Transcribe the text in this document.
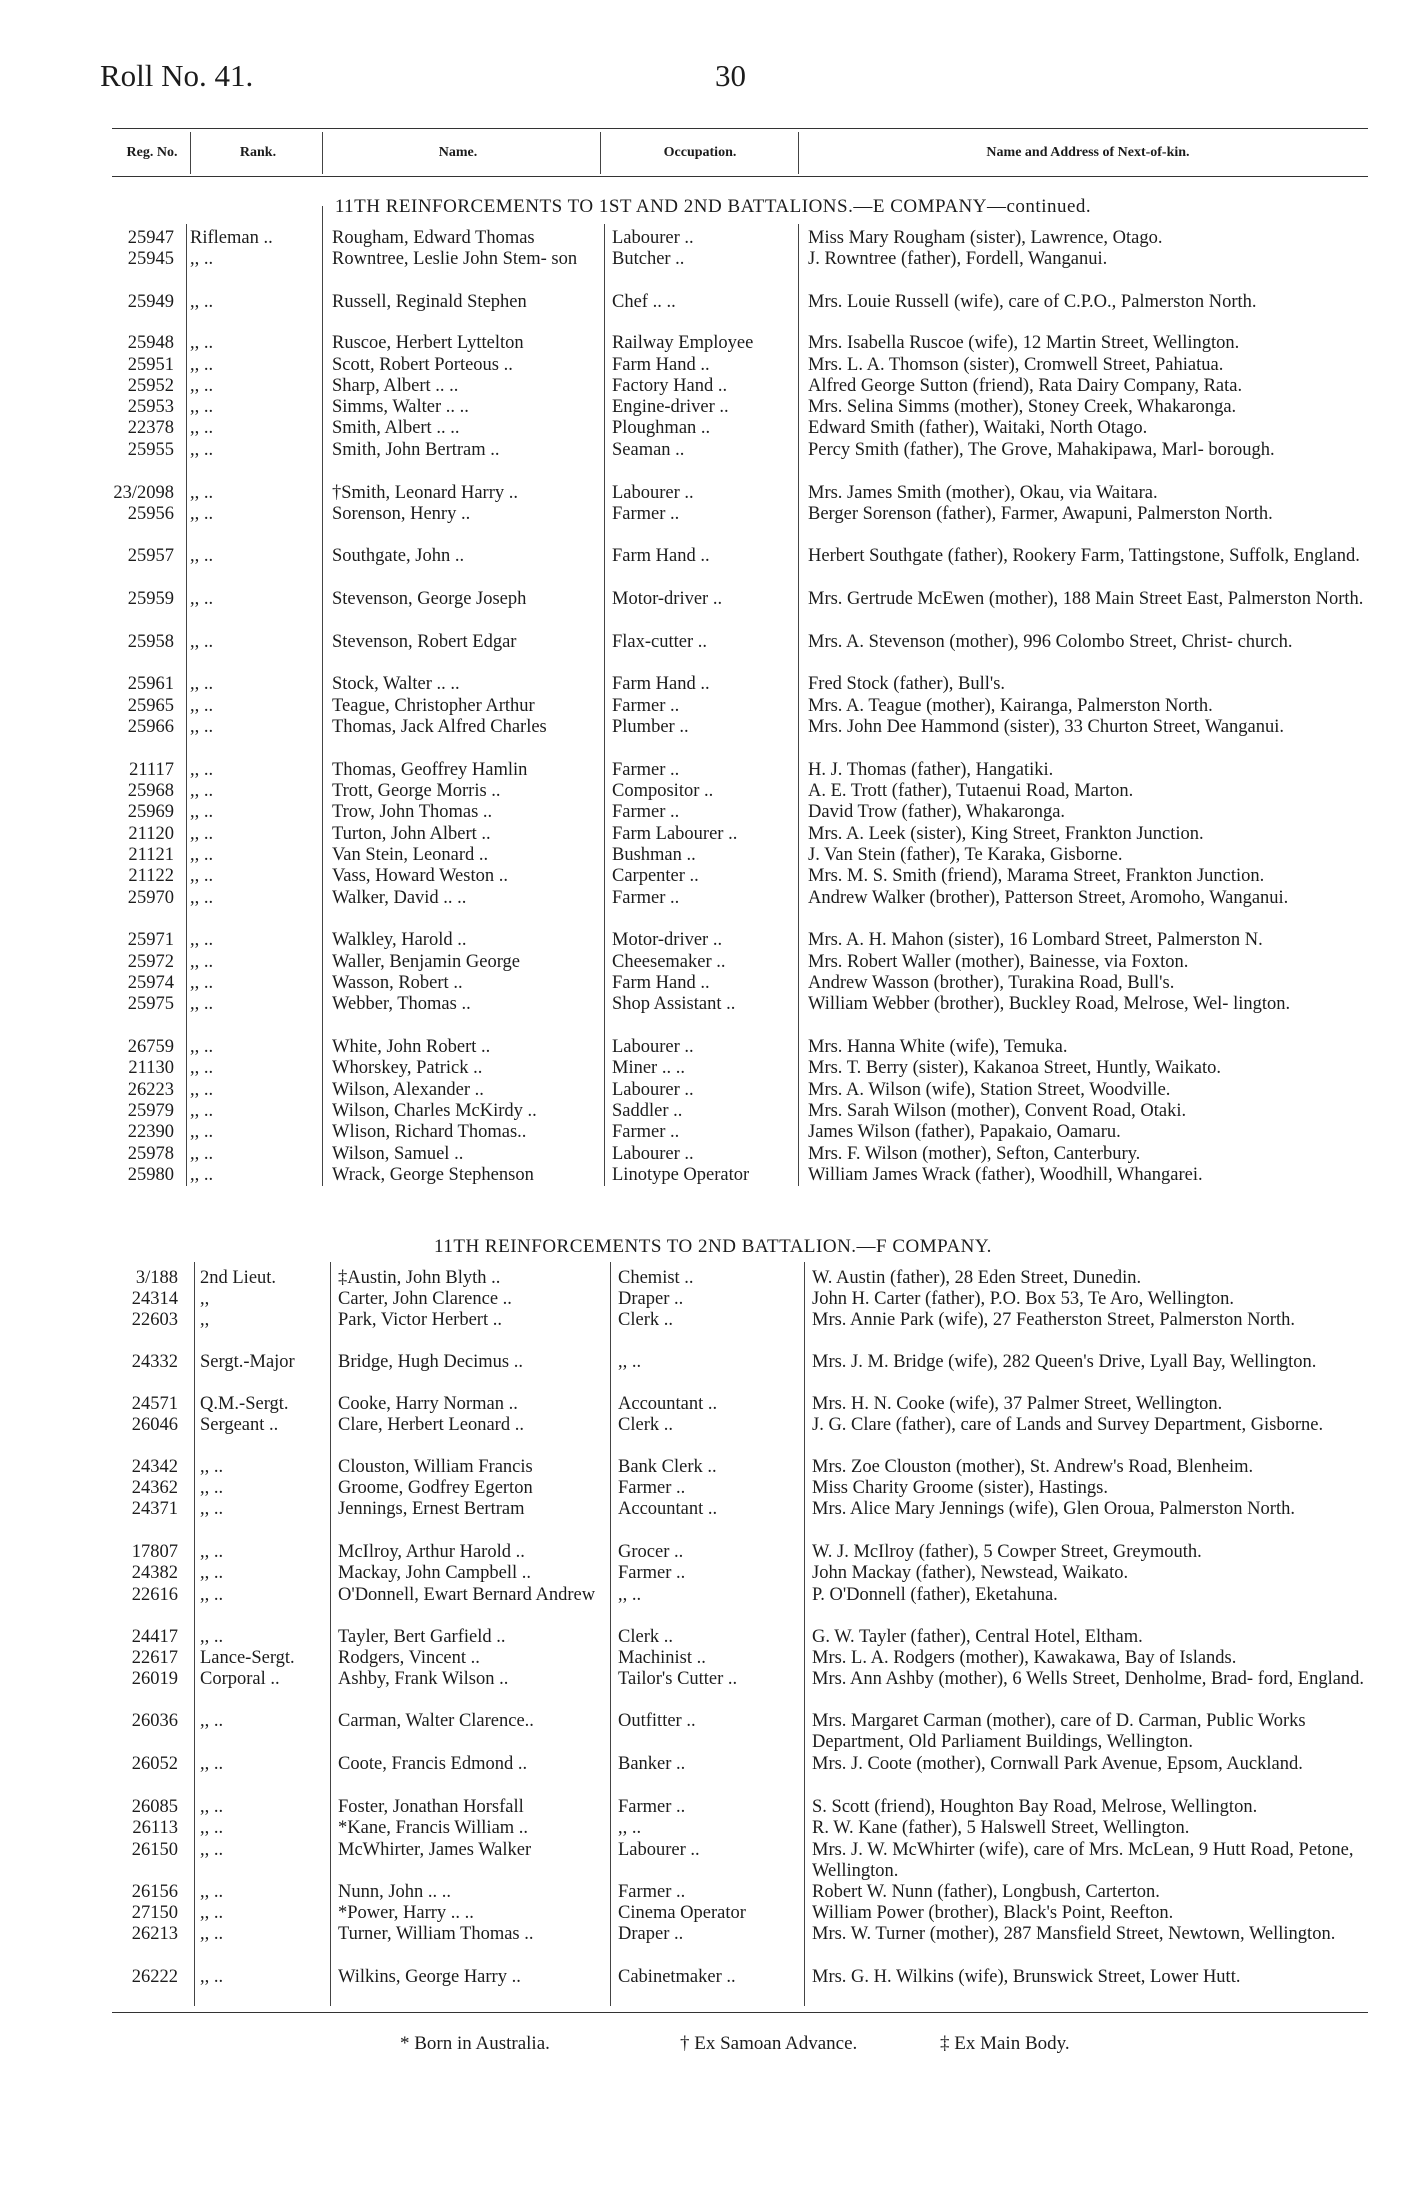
Roll No. 41.	30
Reg. No.	Rank.	Name.	Occupation.	Name and Address of Next-of-kin.
11TH REINFORCEMENTS TO 1ST AND 2ND BATTALIONS.—E COMPANY—continued.
25947 Rifleman ..	Rougham, Edward Thomas	Labourer ..	Miss Mary Rougham (sister), Lawrence, Otago.
25945 ,, ..	Rowntree, Leslie John Stem- son	Butcher ..	J. Rowntree (father), Fordell, Wanganui.
25949 ,, ..	Russell, Reginald Stephen	Chef .. ..	Mrs. Louie Russell (wife), care of C.P.O., Palmerston North.
25948 ,, ..	Ruscoe, Herbert Lyttelton	Railway Employee	Mrs. Isabella Ruscoe (wife), 12 Martin Street, Wellington.
25951 ,, ..	Scott, Robert Porteous ..	Farm Hand ..	Mrs. L. A. Thomson (sister), Cromwell Street, Pahiatua.
25952 ,, ..	Sharp, Albert .. ..	Factory Hand ..	Alfred George Sutton (friend), Rata Dairy Company, Rata.
25953 ,, ..	Simms, Walter .. ..	Engine-driver ..	Mrs. Selina Simms (mother), Stoney Creek, Whakaronga.
22378 ,, ..	Smith, Albert .. ..	Ploughman ..	Edward Smith (father), Waitaki, North Otago.
25955 ,, ..	Smith, John Bertram ..	Seaman ..	Percy Smith (father), The Grove, Mahakipawa, Marl- borough.
23/2098 ,, ..	†Smith, Leonard Harry ..	Labourer ..	Mrs. James Smith (mother), Okau, via Waitara.
25956 ,, ..	Sorenson, Henry ..	Farmer ..	Berger Sorenson (father), Farmer, Awapuni, Palmerston North.
25957 ,, ..	Southgate, John ..	Farm Hand ..	Herbert Southgate (father), Rookery Farm, Tattingstone, Suffolk, England.
25959 ,, ..	Stevenson, George Joseph	Motor-driver ..	Mrs. Gertrude McEwen (mother), 188 Main Street East, Palmerston North.
25958 ,, ..	Stevenson, Robert Edgar	Flax-cutter ..	Mrs. A. Stevenson (mother), 996 Colombo Street, Christ- church.
25961 ,, ..	Stock, Walter .. ..	Farm Hand ..	Fred Stock (father), Bull's.
25965 ,, ..	Teague, Christopher Arthur	Farmer ..	Mrs. A. Teague (mother), Kairanga, Palmerston North.
25966 ,, ..	Thomas, Jack Alfred Charles	Plumber ..	Mrs. John Dee Hammond (sister), 33 Churton Street, Wanganui.
21117 ,, ..	Thomas, Geoffrey Hamlin	Farmer ..	H. J. Thomas (father), Hangatiki.
25968 ,, ..	Trott, George Morris ..	Compositor ..	A. E. Trott (father), Tutaenui Road, Marton.
25969 ,, ..	Trow, John Thomas ..	Farmer ..	David Trow (father), Whakaronga.
21120 ,, ..	Turton, John Albert ..	Farm Labourer ..	Mrs. A. Leek (sister), King Street, Frankton Junction.
21121 ,, ..	Van Stein, Leonard ..	Bushman ..	J. Van Stein (father), Te Karaka, Gisborne.
21122 ,, ..	Vass, Howard Weston ..	Carpenter ..	Mrs. M. S. Smith (friend), Marama Street, Frankton Junction.
25970 ,, ..	Walker, David .. ..	Farmer ..	Andrew Walker (brother), Patterson Street, Aromoho, Wanganui.
25971 ,, ..	Walkley, Harold ..	Motor-driver ..	Mrs. A. H. Mahon (sister), 16 Lombard Street, Palmerston N.
25972 ,, ..	Waller, Benjamin George	Cheesemaker ..	Mrs. Robert Waller (mother), Bainesse, via Foxton.
25974 ,, ..	Wasson, Robert ..	Farm Hand ..	Andrew Wasson (brother), Turakina Road, Bull's.
25975 ,, ..	Webber, Thomas ..	Shop Assistant ..	William Webber (brother), Buckley Road, Melrose, Wel- lington.
26759 ,, ..	White, John Robert ..	Labourer ..	Mrs. Hanna White (wife), Temuka.
21130 ,, ..	Whorskey, Patrick ..	Miner .. ..	Mrs. T. Berry (sister), Kakanoa Street, Huntly, Waikato.
26223 ,, ..	Wilson, Alexander ..	Labourer ..	Mrs. A. Wilson (wife), Station Street, Woodville.
25979 ,, ..	Wilson, Charles McKirdy ..	Saddler ..	Mrs. Sarah Wilson (mother), Convent Road, Otaki.
22390 ,, ..	Wlison, Richard Thomas..	Farmer ..	James Wilson (father), Papakaio, Oamaru.
25978 ,, ..	Wilson, Samuel ..	Labourer ..	Mrs. F. Wilson (mother), Sefton, Canterbury.
25980 ,, ..	Wrack, George Stephenson	Linotype Operator	William James Wrack (father), Woodhill, Whangarei.
11TH REINFORCEMENTS TO 2ND BATTALION.—F COMPANY.
3/188 2nd Lieut.	‡Austin, John Blyth ..	Chemist ..	W. Austin (father), 28 Eden Street, Dunedin.
24314 ,,	Carter, John Clarence ..	Draper ..	John H. Carter (father), P.O. Box 53, Te Aro, Wellington.
22603 ,,	Park, Victor Herbert ..	Clerk ..	Mrs. Annie Park (wife), 27 Featherston Street, Palmerston North.
24332 Sergt.-Major	Bridge, Hugh Decimus ..	,, ..	Mrs. J. M. Bridge (wife), 282 Queen's Drive, Lyall Bay, Wellington.
24571 Q.M.-Sergt.	Cooke, Harry Norman ..	Accountant ..	Mrs. H. N. Cooke (wife), 37 Palmer Street, Wellington.
26046 Sergeant ..	Clare, Herbert Leonard ..	Clerk ..	J. G. Clare (father), care of Lands and Survey Department, Gisborne.
24342 ,, ..	Clouston, William Francis	Bank Clerk ..	Mrs. Zoe Clouston (mother), St. Andrew's Road, Blenheim.
24362 ,, ..	Groome, Godfrey Egerton	Farmer ..	Miss Charity Groome (sister), Hastings.
24371 ,, ..	Jennings, Ernest Bertram	Accountant ..	Mrs. Alice Mary Jennings (wife), Glen Oroua, Palmerston North.
17807 ,, ..	McIlroy, Arthur Harold ..	Grocer ..	W. J. McIlroy (father), 5 Cowper Street, Greymouth.
24382 ,, ..	Mackay, John Campbell ..	Farmer ..	John Mackay (father), Newstead, Waikato.
22616 ,, ..	O'Donnell, Ewart Bernard Andrew	,, ..	P. O'Donnell (father), Eketahuna.
24417 ,, ..	Tayler, Bert Garfield ..	Clerk ..	G. W. Tayler (father), Central Hotel, Eltham.
22617 Lance-Sergt.	Rodgers, Vincent ..	Machinist ..	Mrs. L. A. Rodgers (mother), Kawakawa, Bay of Islands.
26019 Corporal ..	Ashby, Frank Wilson ..	Tailor's Cutter ..	Mrs. Ann Ashby (mother), 6 Wells Street, Denholme, Brad- ford, England.
26036 ,, ..	Carman, Walter Clarence..	Outfitter ..	Mrs. Margaret Carman (mother), care of D. Carman, Public Works Department, Old Parliament Buildings, Wellington.
26052 ,, ..	Coote, Francis Edmond ..	Banker ..	Mrs. J. Coote (mother), Cornwall Park Avenue, Epsom, Auckland.
26085 ,, ..	Foster, Jonathan Horsfall	Farmer ..	S. Scott (friend), Houghton Bay Road, Melrose, Wellington.
26113 ,, ..	*Kane, Francis William ..	,, ..	R. W. Kane (father), 5 Halswell Street, Wellington.
26150 ,, ..	McWhirter, James Walker	Labourer ..	Mrs. J. W. McWhirter (wife), care of Mrs. McLean, 9 Hutt Road, Petone, Wellington.
26156 ,, ..	Nunn, John .. ..	Farmer ..	Robert W. Nunn (father), Longbush, Carterton.
27150 ,, ..	*Power, Harry .. ..	Cinema Operator	William Power (brother), Black's Point, Reefton.
26213 ,, ..	Turner, William Thomas ..	Draper ..	Mrs. W. Turner (mother), 287 Mansfield Street, Newtown, Wellington.
26222 ,, ..	Wilkins, George Harry ..	Cabinetmaker ..	Mrs. G. H. Wilkins (wife), Brunswick Street, Lower Hutt.
* Born in Australia.	† Ex Samoan Advance.	‡ Ex Main Body.
